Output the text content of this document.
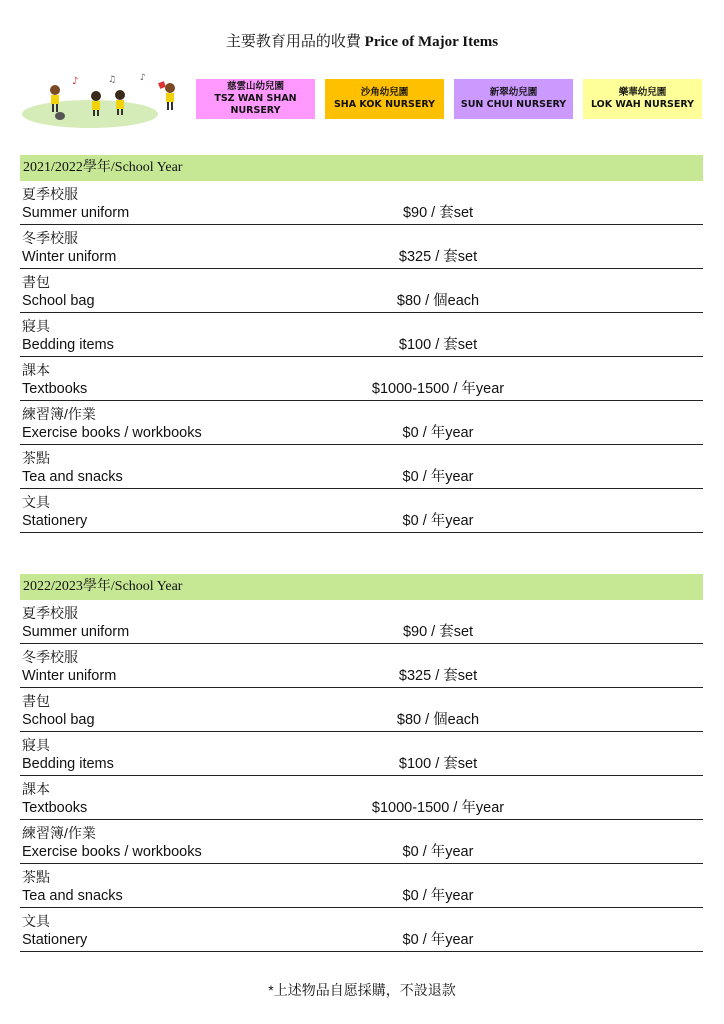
主要教育用品的收費 Price of Major Items
♪	♫	♪
慈雲山幼兒園
TSZ WAN SHAN NURSERY
沙角幼兒園
SHA KOK NURSERY
新翠幼兒園
SUN CHUI NURSERY
樂華幼兒園
LOK WAH NURSERY
2021/2022學年/School Year
夏季校服
Summer uniform	$90 / 套set
冬季校服
Winter uniform	$325 / 套set
書包
School bag	$80 / 個each
寢具
Bedding items	$100 / 套set
課本
Textbooks	$1000-1500 / 年year
練習簿/作業
Exercise books / workbooks	$0 / 年year
茶點
Tea and snacks	$0 / 年year
文具
Stationery	$0 / 年year
2022/2023學年/School Year
夏季校服
Summer uniform	$90 / 套set
冬季校服
Winter uniform	$325 / 套set
書包
School bag	$80 / 個each
寢具
Bedding items	$100 / 套set
課本
Textbooks	$1000-1500 / 年year
練習簿/作業
Exercise books / workbooks	$0 / 年year
茶點
Tea and snacks	$0 / 年year
文具
Stationery	$0 / 年year
*上述物品自愿採購，不設退款
